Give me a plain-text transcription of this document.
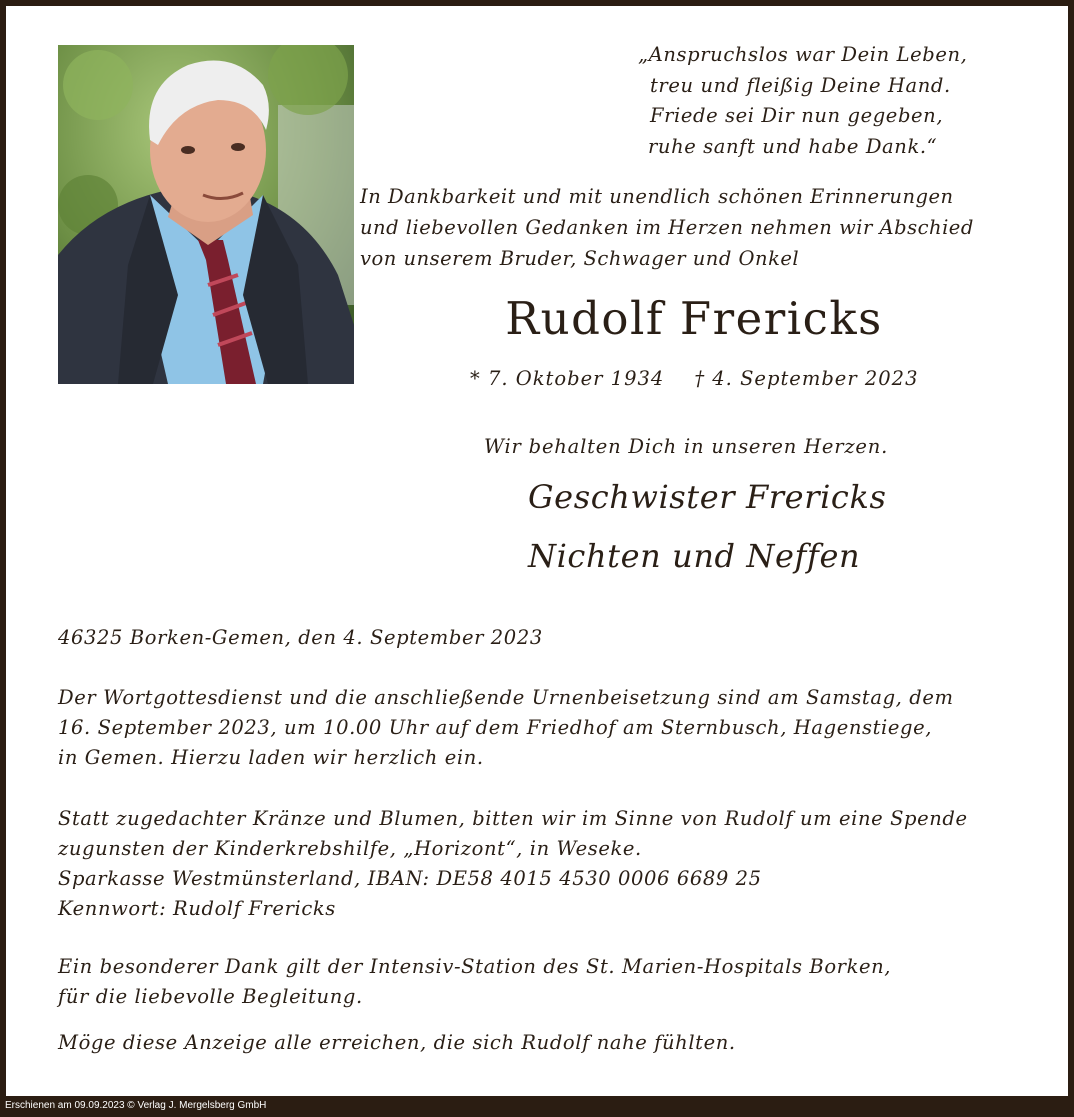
„Anspruchslos war Dein Leben,
treu und fleißig Deine Hand.
Friede sei Dir nun gegeben,
ruhe sanft und habe Dank.“
In Dankbarkeit und mit unendlich schönen Erinnerungen
und liebevollen Gedanken im Herzen nehmen wir Abschied
von unserem Bruder, Schwager und Onkel
Rudolf Frericks
* 7. Oktober 1934 † 4. September 2023
Wir behalten Dich in unseren Herzen.
Geschwister Frericks
Nichten und Neffen
46325 Borken-Gemen, den 4. September 2023
Der Wortgottesdienst und die anschließende Urnenbeisetzung sind am Samstag, dem
16. September 2023, um 10.00 Uhr auf dem Friedhof am Sternbusch, Hagenstiege,
in Gemen. Hierzu laden wir herzlich ein.
Statt zugedachter Kränze und Blumen, bitten wir im Sinne von Rudolf um eine Spende
zugunsten der Kinderkrebshilfe, „Horizont“, in Weseke.
Sparkasse Westmünsterland, IBAN: DE58 4015 4530 0006 6689 25
Kennwort: Rudolf Frericks
Ein besonderer Dank gilt der Intensiv-Station des St. Marien-Hospitals Borken,
für die liebevolle Begleitung.
Möge diese Anzeige alle erreichen, die sich Rudolf nahe fühlten.
Erschienen am 09.09.2023 © Verlag J. Mergelsberg GmbH
